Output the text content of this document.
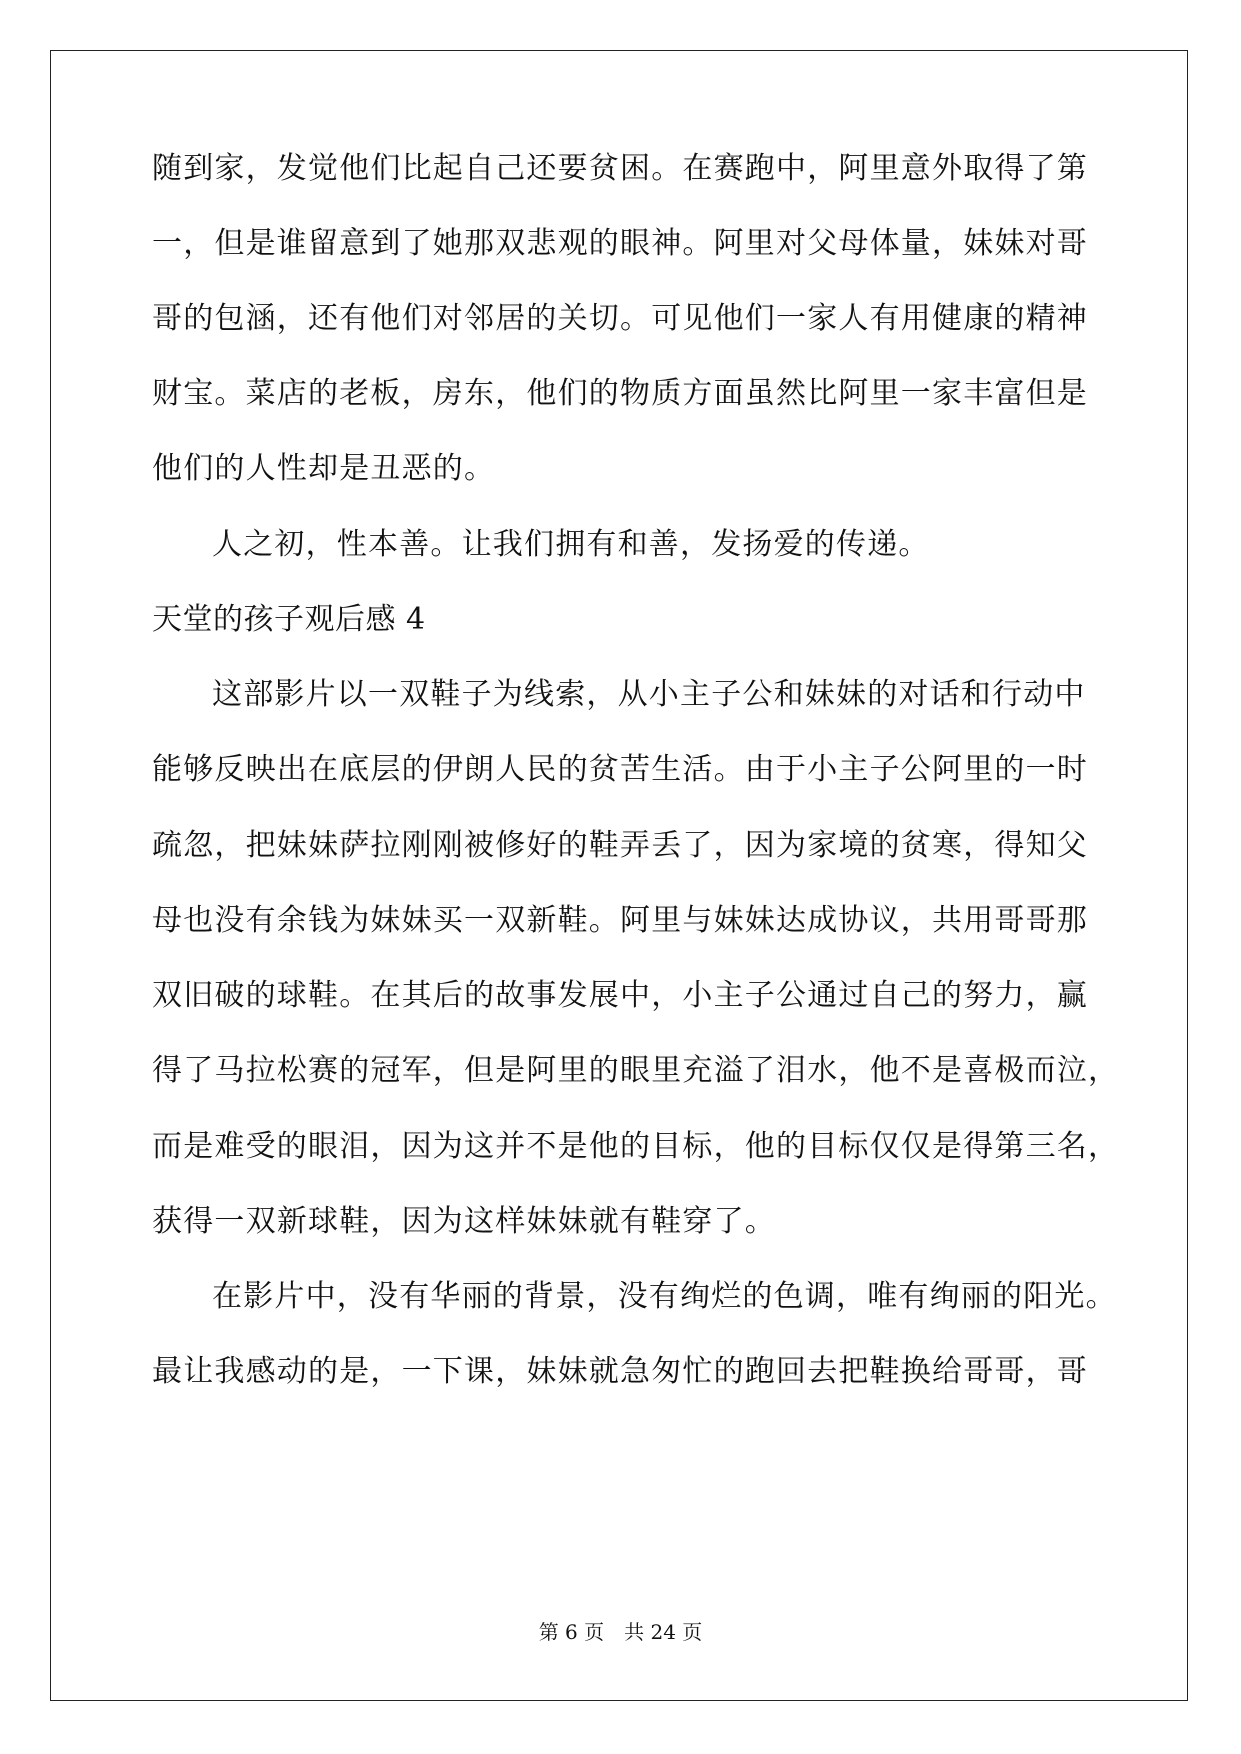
随到家，发觉他们比起自己还要贫困。在赛跑中，阿里意外取得了第
一，但是谁留意到了她那双悲观的眼神。阿里对父母体量，妹妹对哥
哥的包涵，还有他们对邻居的关切。可见他们一家人有用健康的精神
财宝。菜店的老板，房东，他们的物质方面虽然比阿里一家丰富但是
他们的人性却是丑恶的。
人之初，性本善。让我们拥有和善，发扬爱的传递。
天堂的孩子观后感 4
这部影片以一双鞋子为线索，从小主子公和妹妹的对话和行动中
能够反映出在底层的伊朗人民的贫苦生活。由于小主子公阿里的一时
疏忽，把妹妹萨拉刚刚被修好的鞋弄丢了，因为家境的贫寒，得知父
母也没有余钱为妹妹买一双新鞋。阿里与妹妹达成协议，共用哥哥那
双旧破的球鞋。在其后的故事发展中，小主子公通过自己的努力，赢
得了马拉松赛的冠军，但是阿里的眼里充溢了泪水，他不是喜极而泣，
而是难受的眼泪，因为这并不是他的目标，他的目标仅仅是得第三名，
获得一双新球鞋，因为这样妹妹就有鞋穿了。
在影片中，没有华丽的背景，没有绚烂的色调，唯有绚丽的阳光。
最让我感动的是，一下课，妹妹就急匆忙的跑回去把鞋换给哥哥，哥
第 6 页 共 24 页
